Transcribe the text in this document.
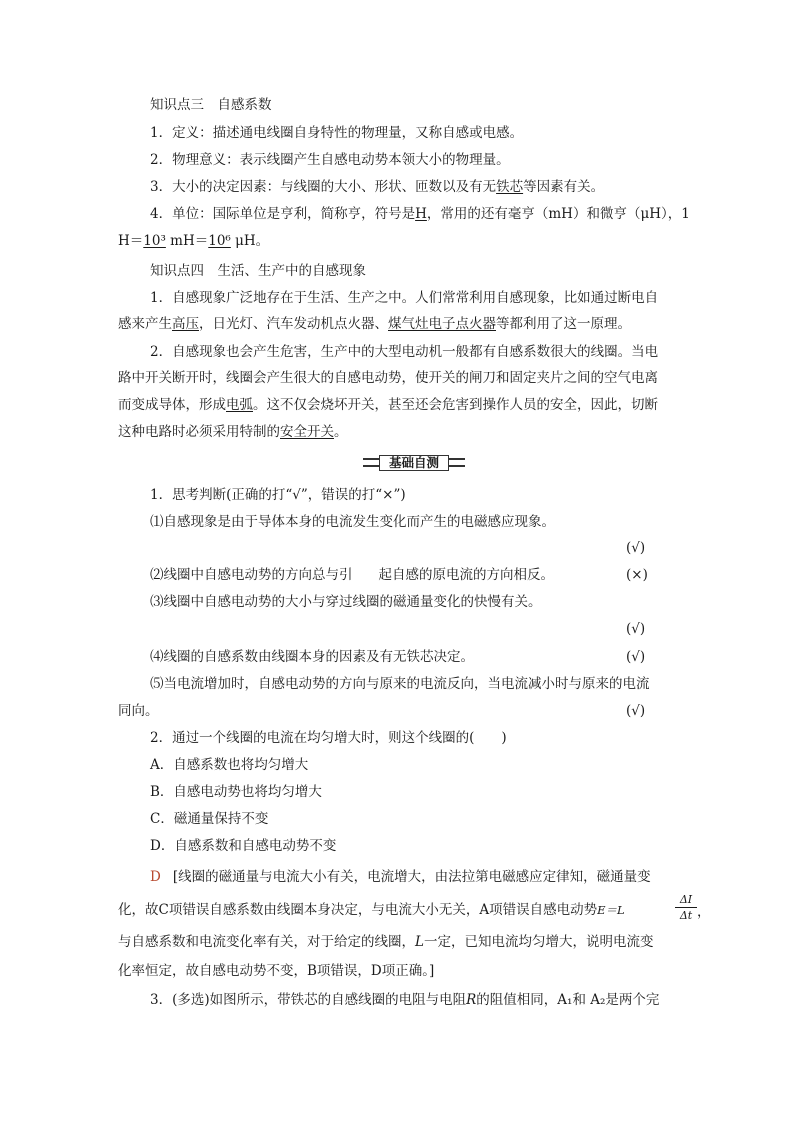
知识点三　自感系数
1．定义：描述通电线圈自身特性的物理量，又称自感或电感。
2．物理意义：表示线圈产生自感电动势本领大小的物理量。
3．大小的决定因素：与线圈的大小、形状、匝数以及有无铁芯等因素有关。
4．单位：国际单位是亨利，简称亨，符号是H，常用的还有毫亨（mH）和微亨（μH），1
H＝10³ mH＝10⁶ μH。
知识点四　生活、生产中的自感现象
1．自感现象广泛地存在于生活、生产之中。人们常常利用自感现象，比如通过断电自
感来产生高压，日光灯、汽车发动机点火器、煤气灶电子点火器等都利用了这一原理。
2．自感现象也会产生危害，生产中的大型电动机一般都有自感系数很大的线圈。当电
路中开关断开时，线圈会产生很大的自感电动势，使开关的闸刀和固定夹片之间的空气电离
而变成导体，形成电弧。这不仅会烧坏开关，甚至还会危害到操作人员的安全，因此，切断
这种电路时必须采用特制的安全开关。
基础自测
1．思考判断(正确的打“√”，错误的打“×”)
⑴自感现象是由于导体本身的电流发生变化而产生的电磁感应现象。
(√)
⑵线圈中自感电动势的方向总与引 起自感的原电流的方向相反。	(×)
⑶线圈中自感电动势的大小与穿过线圈的磁通量变化的快慢有关。
(√)
⑷线圈的自感系数由线圈本身的因素及有无铁芯决定。	(√)
⑸当电流增加时，自感电动势的方向与原来的电流反向，当电流减小时与原来的电流
同向。	(√)
2．通过一个线圈的电流在均匀增大时，则这个线圈的(　　)
A．自感系数也将均匀增大
B．自感电动势也将均匀增大
C．磁通量保持不变
D．自感系数和自感电动势不变
D [线圈的磁通量与电流大小有关，电流增大，由法拉第电磁感应定律知，磁通量变
化，故C项错误自感系数由线圈本身决定，与电流大小无关，A项错误自感电动势E＝L
ΔI
Δt ，
与自感系数和电流变化率有关，对于给定的线圈，L一定，已知电流均匀增大，说明电流变
化率恒定，故自感电动势不变，B项错误，D项正确。]
3．(多选)如图所示，带铁芯的自感线圈的电阻与电阻R的阻值相同，A₁和 A₂是两个完
